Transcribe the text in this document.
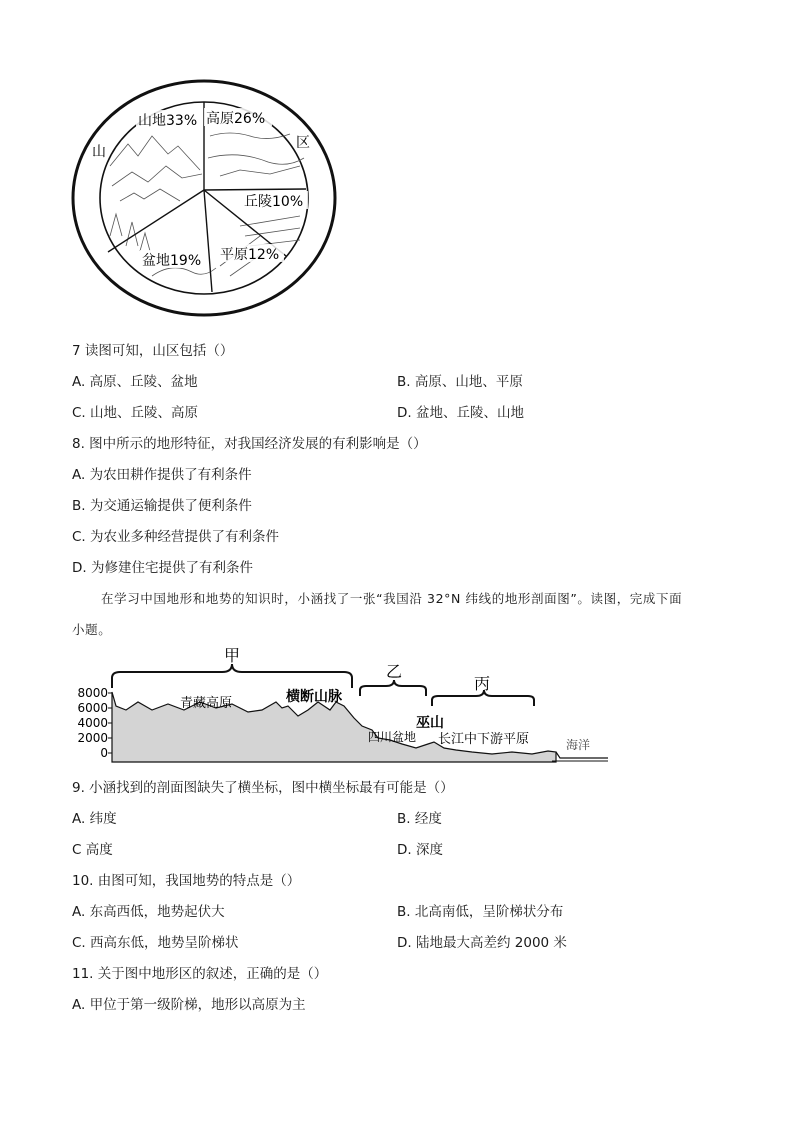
山
区
山地33% 高原26%
丘陵10%
平原12%
盆地19%
7 读图可知，山区包括（）
A. 高原、丘陵、盆地	B. 高原、山地、平原
C. 山地、丘陵、高原	D. 盆地、丘陵、山地
8. 图中所示的地形特征，对我国经济发展的有利影响是（）
A. 为农田耕作提供了有利条件
B. 为交通运输提供了便利条件
C. 为农业多种经营提供了有利条件
D. 为修建住宅提供了有利条件
在学习中国地形和地势的知识时，小涵找了一张“我国沿 32°N 纬线的地形剖面图”。读图，完成下面
小题。
8000
6000
4000
2000
0
甲
乙
丙
青藏高原	横断山脉
巫山
四川盆地 长江中下游平原	海洋
9. 小涵找到的剖面图缺失了横坐标，图中横坐标最有可能是（）
A. 纬度	B. 经度
C 高度	D. 深度
10. 由图可知，我国地势的特点是（）
A. 东高西低，地势起伏大	B. 北高南低，呈阶梯状分布
C. 西高东低，地势呈阶梯状	D. 陆地最大高差约 2000 米
11. 关于图中地形区的叙述，正确的是（）
A. 甲位于第一级阶梯，地形以高原为主
